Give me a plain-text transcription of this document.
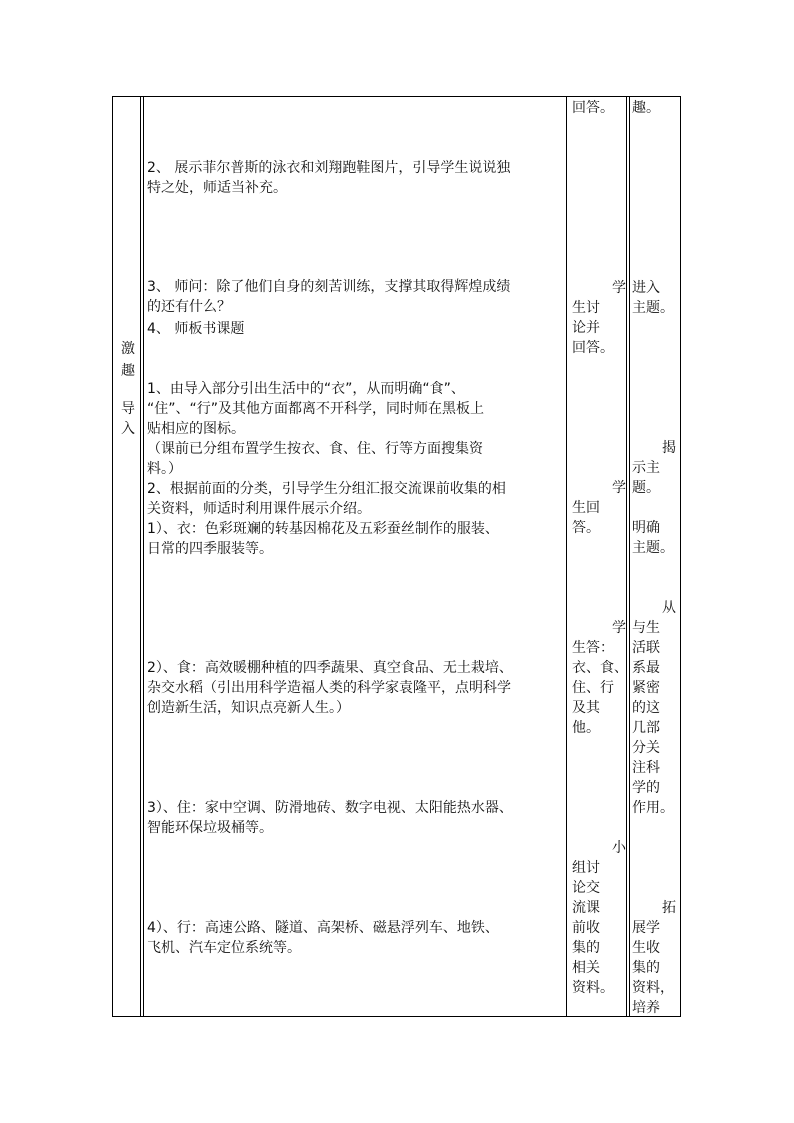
激
趣
导
入
2、 展示菲尔普斯的泳衣和刘翔跑鞋图片，引导学生说说独
特之处，师适当补充。
3、 师问：除了他们自身的刻苦训练，支撑其取得辉煌成绩
的还有什么？
4、 师板书课题
1、由导入部分引出生活中的“衣”，从而明确“食”、
“住”、“行”及其他方面都离不开科学，同时师在黑板上
贴相应的图标。
（课前已分组布置学生按衣、食、住、行等方面搜集资
料。）
2、根据前面的分类，引导学生分组汇报交流课前收集的相
关资料，师适时利用课件展示介绍。
1）、衣：色彩斑斓的转基因棉花及五彩蚕丝制作的服装、
日常的四季服装等。
2）、食：高效暖棚种植的四季蔬果、真空食品、无土栽培、
杂交水稻（引出用科学造福人类的科学家袁隆平，点明科学
创造新生活，知识点亮新人生。）
3）、住：家中空调、防滑地砖、数字电视、太阳能热水器、
智能环保垃圾桶等。
4）、行：高速公路、隧道、高架桥、磁悬浮列车、地铁、
飞机、汽车定位系统等。
回答。
学
生讨
论并
回答。
学
生回
答。
学
生答：
衣、食、
住、行
及其
他。
小
组讨
论交
流课
前收
集的
相关
资料。
趣。
进入
主题。
揭
示主
题。
明确
主题。
从
与生
活联
系最
紧密
的这
几部
分关
注科
学的
作用。
拓
展学
生收
集的
资料，
培养
